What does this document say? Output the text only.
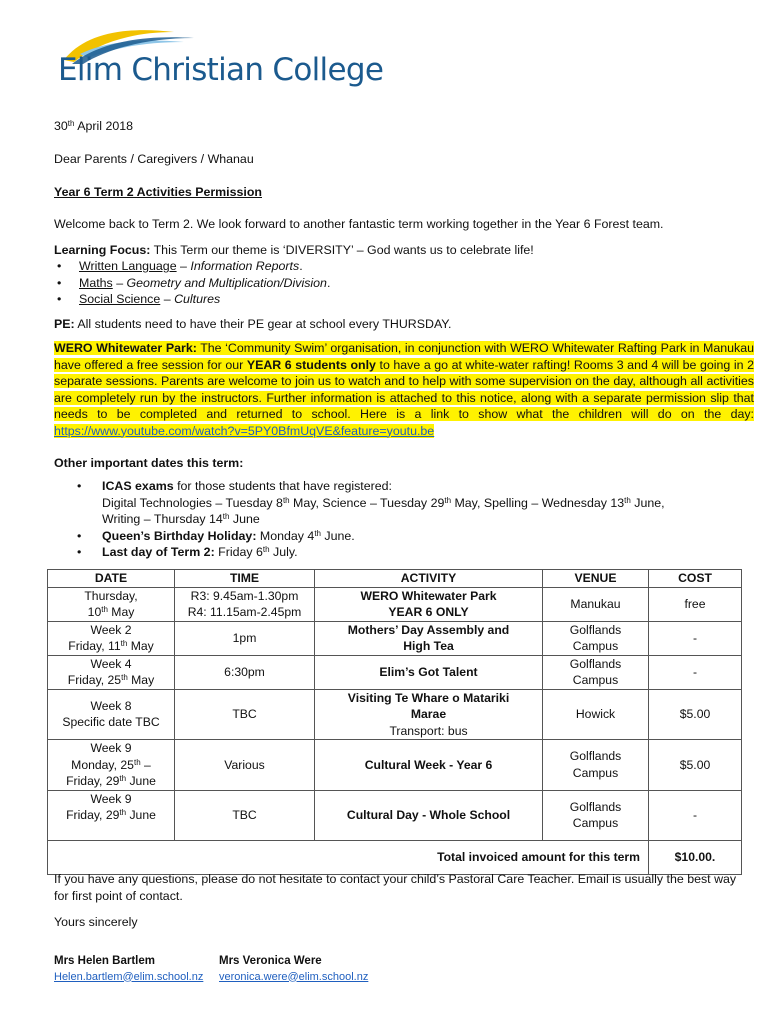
Elim Christian College
30th April 2018
Dear Parents / Caregivers / Whanau
Year 6 Term 2 Activities Permission
Welcome back to Term 2. We look forward to another fantastic term working together in the Year 6 Forest team.
Learning Focus: This Term our theme is ‘DIVERSITY’ – God wants us to celebrate life!
• Written Language – Information Reports.
• Maths – Geometry and Multiplication/Division.
• Social Science – Cultures
PE: All students need to have their PE gear at school every THURSDAY.
WERO Whitewater Park: The ‘Community Swim’ organisation, in conjunction with WERO Whitewater Rafting Park in Manukau have offered a free session for our YEAR 6 students only to have a go at white-water rafting! Rooms 3 and 4 will be going in 2 separate sessions. Parents are welcome to join us to watch and to help with some supervision on the day, although all activities are completely run by the instructors. Further information is attached to this notice, along with a separate permission slip that needs to be completed and returned to school. Here is a link to show what the children will do on the day: https://www.youtube.com/watch?v=5PY0BfmUqVE&feature=youtu.be
Other important dates this term:
• ICAS exams for those students that have registered:
Digital Technologies – Tuesday 8th May, Science – Tuesday 29th May, Spelling – Wednesday 13th June,
Writing – Thursday 14th June
• Queen’s Birthday Holiday: Monday 4th June.
• Last day of Term 2: Friday 6th July.
DATE	TIME	ACTIVITY	VENUE	COST
Thursday,
10th May	R3: 9.45am-1.30pm
R4: 11.15am-2.45pm	WERO Whitewater Park
YEAR 6 ONLY	Manukau	free
Week 2
Friday, 11th May	1pm	Mothers’ Day Assembly and
High Tea	Golflands
Campus	-
Week 4
Friday, 25th May	6:30pm	Elim’s Got Talent	Golflands
Campus	-
Week 8
Specific date TBC	TBC	Visiting Te Whare o Matariki
Marae
Transport: bus	Howick	$5.00
Week 9
Monday, 25th –
Friday, 29th June	Various	Cultural Week - Year 6	Golflands
Campus	$5.00
Week 9
Friday, 29th June	TBC	Cultural Day - Whole School	Golflands
Campus	-
Total invoiced amount for this term				$10.00.
If you have any questions, please do not hesitate to contact your child’s Pastoral Care Teacher. Email is usually the best way for first point of contact.
Yours sincerely
Mrs Helen Bartlem
Helen.bartlem@elim.school.nz
Mrs Veronica Were
veronica.were@elim.school.nz
